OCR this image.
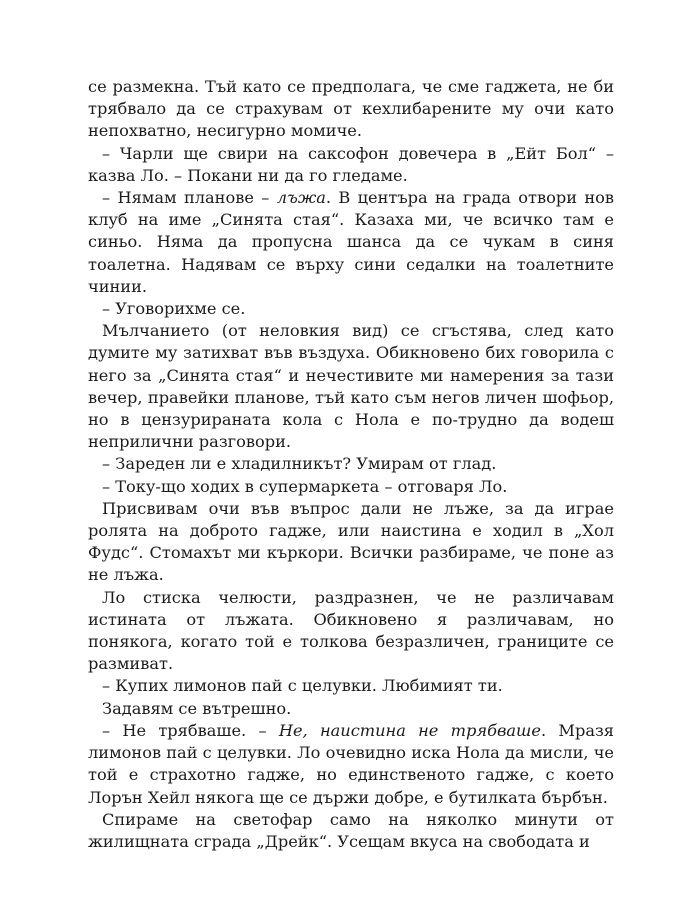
се размекна. Тъй като се предполага, че сме гаджета, не би трябвало да се страхувам от кехлибарените му очи като непохватно, несигурно момиче.

– Чарли ще свири на саксофон довечера в „Ейт Бол“ – казва Ло. – Покани ни да го гледаме.

– Нямам планове – лъжа. В центъра на града отвори нов клуб на име „Синята стая“. Казаха ми, че всичко там е синьо. Няма да пропусна шанса да се чукам в синя тоалетна. Надявам се върху сини седалки на тоалетните чинии.

– Уговорихме се.

Мълчанието (от неловкия вид) се сгъстява, след като думите му затихват във въздуха. Обикновено бих говорила с него за „Синята стая“ и нечестивите ми намерения за тази вечер, правейки планове, тъй като съм негов личен шофьор, но в цензурираната кола с Нола е по-трудно да водеш неприлични разговори.

– Зареден ли е хладилникът? Умирам от глад.

– Току-що ходих в супермаркета – отговаря Ло.

Присвивам очи във въпрос дали не лъже, за да играе ролята на доброто гадже, или наистина е ходил в „Хол Фудс“. Стомахът ми къркори. Всички разбираме, че поне аз не лъжа.

Ло стиска челюсти, раздразнен, че не различавам истината от лъжата. Обикновено я различавам, но понякога, когато той е толкова безразличен, границите се размиват.

– Купих лимонов пай с целувки. Любимият ти.

Задавям се вътрешно.

– Не трябваше. – Не, наистина не трябваше. Мразя лимонов пай с целувки. Ло очевидно иска Нола да мисли, че той е страхотно гадже, но единственото гадже, с което Лорън Хейл някога ще се държи добре, е бутилката бърбън.

Спираме на светофар само на няколко минути от жилищната сграда „Дрейк“. Усещам вкуса на свободата и
